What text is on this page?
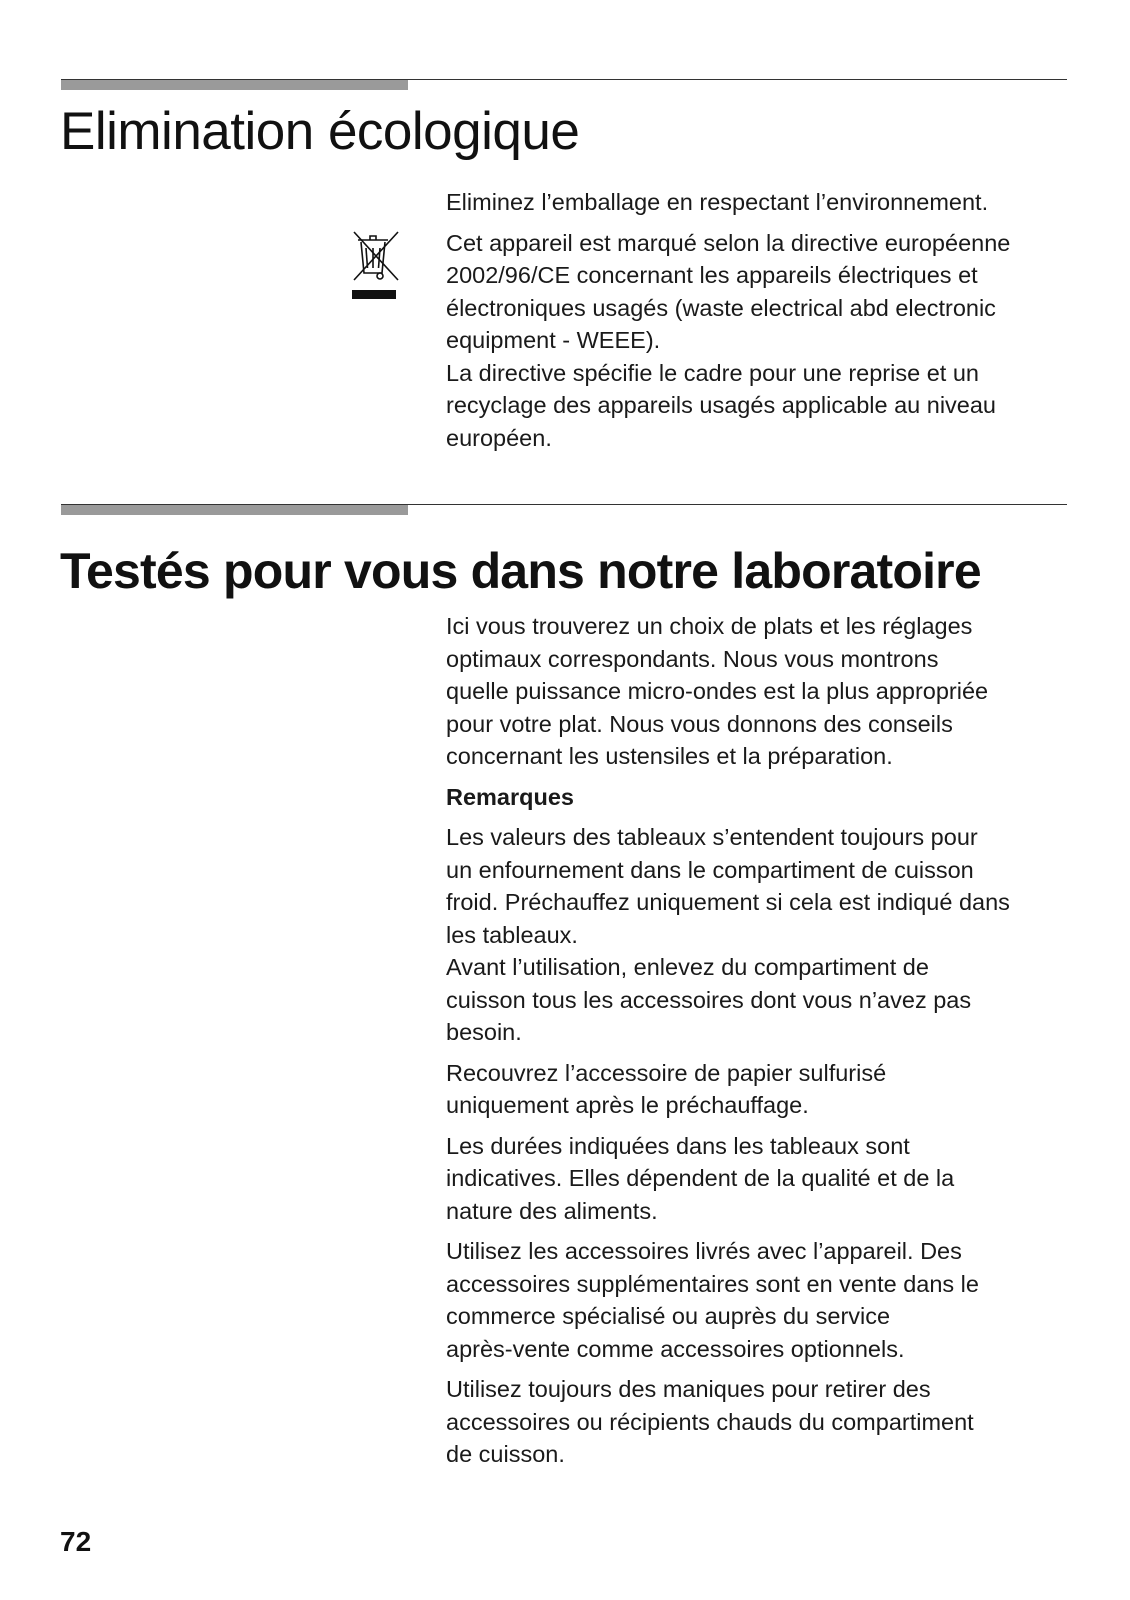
Elimination écologique

Eliminez l’emballage en respectant l’environnement.

Cet appareil est marqué selon la directive européenne
2002/96/CE concernant les appareils électriques et
électroniques usagés (waste electrical abd electronic
equipment - WEEE).
La directive spécifie le cadre pour une reprise et un
recyclage des appareils usagés applicable au niveau
européen.

Testés pour vous dans notre laboratoire

Ici vous trouverez un choix de plats et les réglages
optimaux correspondants. Nous vous montrons
quelle puissance micro-ondes est la plus appropriée
pour votre plat. Nous vous donnons des conseils
concernant les ustensiles et la préparation.

Remarques

Les valeurs des tableaux s’entendent toujours pour
un enfournement dans le compartiment de cuisson
froid. Préchauffez uniquement si cela est indiqué dans
les tableaux.
Avant l’utilisation, enlevez du compartiment de
cuisson tous les accessoires dont vous n’avez pas
besoin.

Recouvrez l’accessoire de papier sulfurisé
uniquement après le préchauffage.

Les durées indiquées dans les tableaux sont
indicatives. Elles dépendent de la qualité et de la
nature des aliments.

Utilisez les accessoires livrés avec l’appareil. Des
accessoires supplémentaires sont en vente dans le
commerce spécialisé ou auprès du service
après-vente comme accessoires optionnels.

Utilisez toujours des maniques pour retirer des
accessoires ou récipients chauds du compartiment
de cuisson.

72
